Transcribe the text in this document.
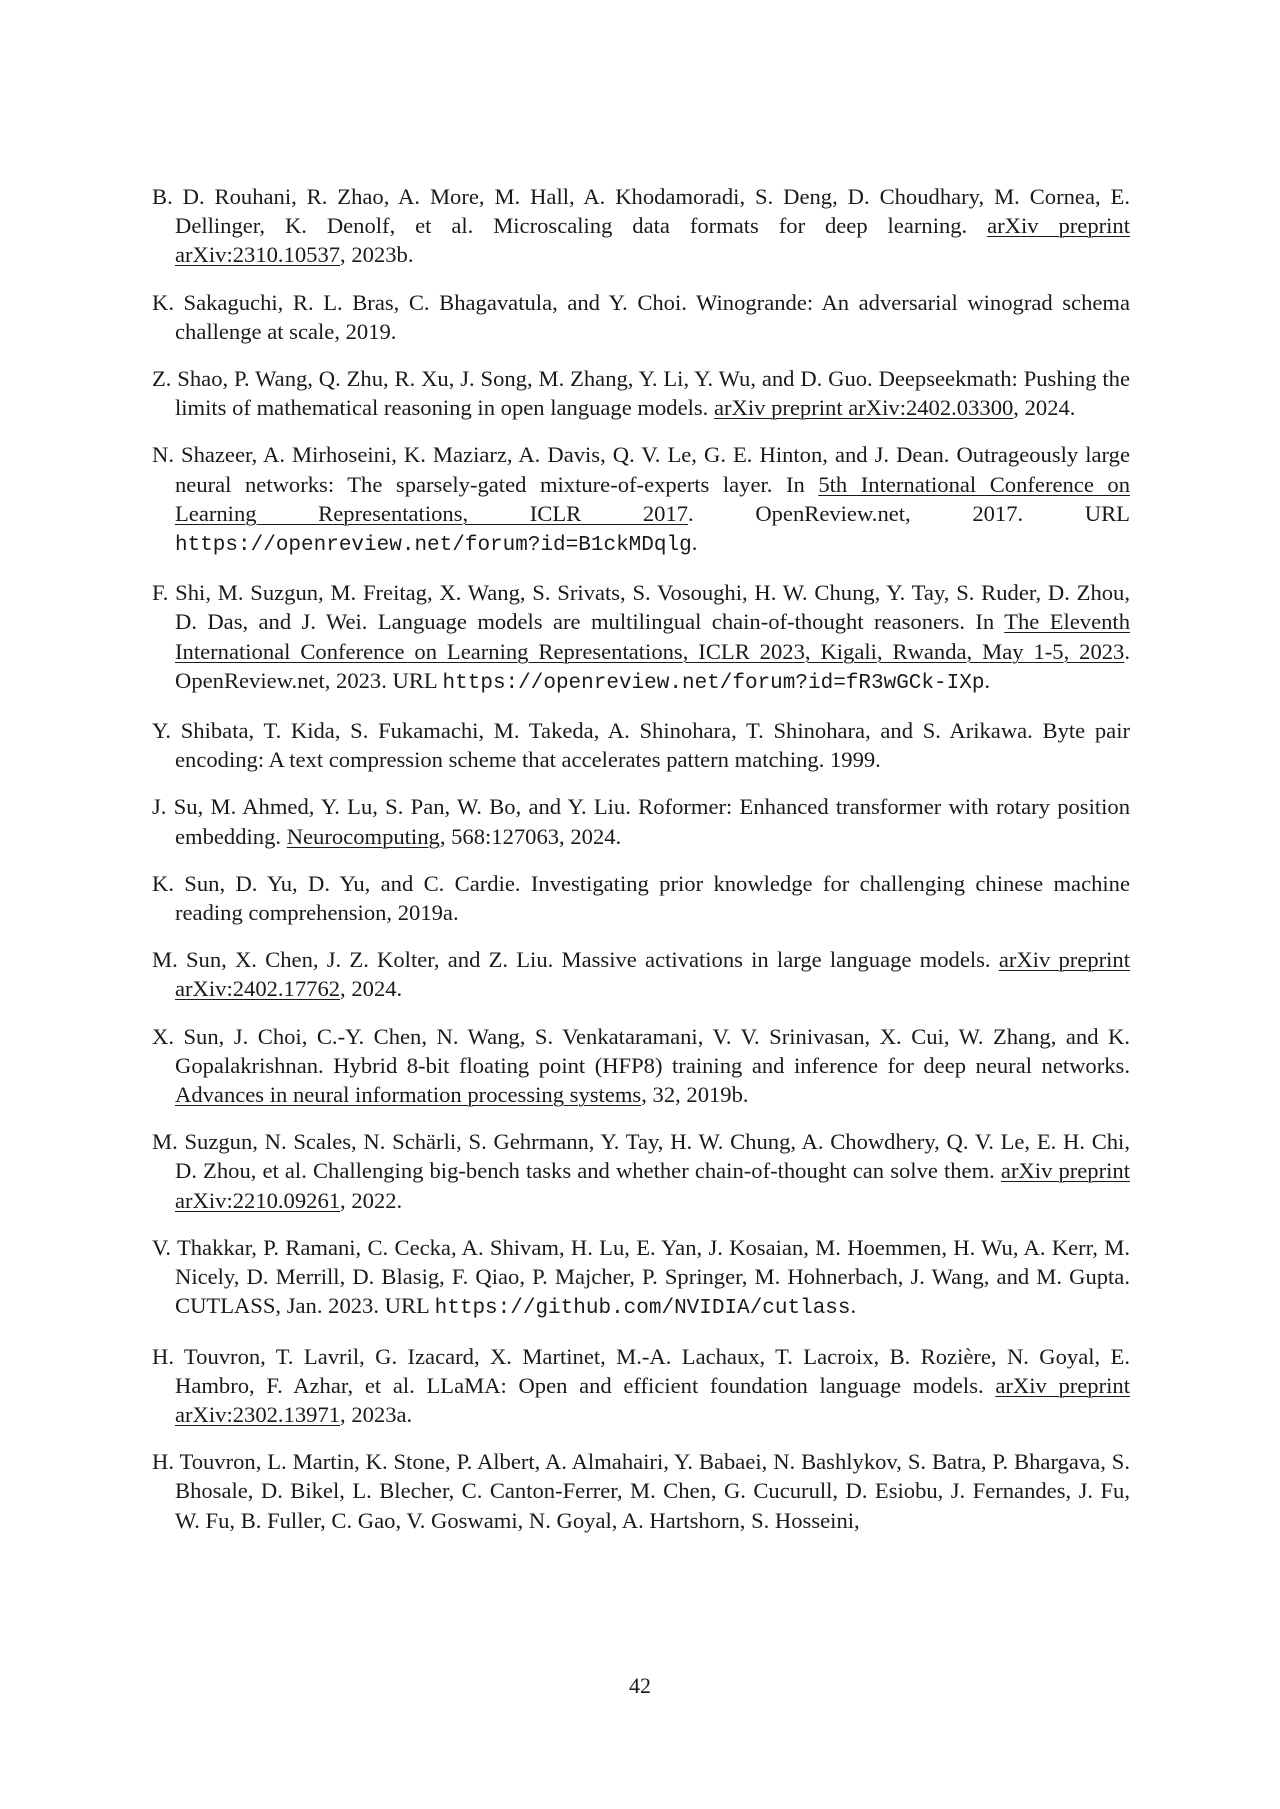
B. D. Rouhani, R. Zhao, A. More, M. Hall, A. Khodamoradi, S. Deng, D. Choudhary, M. Cornea, E. Dellinger, K. Denolf, et al. Microscaling data formats for deep learning. arXiv preprint arXiv:2310.10537, 2023b.
K. Sakaguchi, R. L. Bras, C. Bhagavatula, and Y. Choi. Winogrande: An adversarial winograd schema challenge at scale, 2019.
Z. Shao, P. Wang, Q. Zhu, R. Xu, J. Song, M. Zhang, Y. Li, Y. Wu, and D. Guo. Deepseekmath: Pushing the limits of mathematical reasoning in open language models. arXiv preprint arXiv:2402.03300, 2024.
N. Shazeer, A. Mirhoseini, K. Maziarz, A. Davis, Q. V. Le, G. E. Hinton, and J. Dean. Outrageously large neural networks: The sparsely-gated mixture-of-experts layer. In 5th International Conference on Learning Representations, ICLR 2017. OpenReview.net, 2017. URL https://openreview.net/forum?id=B1ckMDqlg.
F. Shi, M. Suzgun, M. Freitag, X. Wang, S. Srivats, S. Vosoughi, H. W. Chung, Y. Tay, S. Ruder, D. Zhou, D. Das, and J. Wei. Language models are multilingual chain-of-thought reasoners. In The Eleventh International Conference on Learning Representations, ICLR 2023, Kigali, Rwanda, May 1-5, 2023. OpenReview.net, 2023. URL https://openreview.net/forum?id=fR3wGCk-IXp.
Y. Shibata, T. Kida, S. Fukamachi, M. Takeda, A. Shinohara, T. Shinohara, and S. Arikawa. Byte pair encoding: A text compression scheme that accelerates pattern matching. 1999.
J. Su, M. Ahmed, Y. Lu, S. Pan, W. Bo, and Y. Liu. Roformer: Enhanced transformer with rotary position embedding. Neurocomputing, 568:127063, 2024.
K. Sun, D. Yu, D. Yu, and C. Cardie. Investigating prior knowledge for challenging chinese machine reading comprehension, 2019a.
M. Sun, X. Chen, J. Z. Kolter, and Z. Liu. Massive activations in large language models. arXiv preprint arXiv:2402.17762, 2024.
X. Sun, J. Choi, C.-Y. Chen, N. Wang, S. Venkataramani, V. V. Srinivasan, X. Cui, W. Zhang, and K. Gopalakrishnan. Hybrid 8-bit floating point (HFP8) training and inference for deep neural networks. Advances in neural information processing systems, 32, 2019b.
M. Suzgun, N. Scales, N. Schärli, S. Gehrmann, Y. Tay, H. W. Chung, A. Chowdhery, Q. V. Le, E. H. Chi, D. Zhou, et al. Challenging big-bench tasks and whether chain-of-thought can solve them. arXiv preprint arXiv:2210.09261, 2022.
V. Thakkar, P. Ramani, C. Cecka, A. Shivam, H. Lu, E. Yan, J. Kosaian, M. Hoemmen, H. Wu, A. Kerr, M. Nicely, D. Merrill, D. Blasig, F. Qiao, P. Majcher, P. Springer, M. Hohnerbach, J. Wang, and M. Gupta. CUTLASS, Jan. 2023. URL https://github.com/NVIDIA/cutlass.
H. Touvron, T. Lavril, G. Izacard, X. Martinet, M.-A. Lachaux, T. Lacroix, B. Rozière, N. Goyal, E. Hambro, F. Azhar, et al. LLaMA: Open and efficient foundation language models. arXiv preprint arXiv:2302.13971, 2023a.
H. Touvron, L. Martin, K. Stone, P. Albert, A. Almahairi, Y. Babaei, N. Bashlykov, S. Batra, P. Bhargava, S. Bhosale, D. Bikel, L. Blecher, C. Canton-Ferrer, M. Chen, G. Cucurull, D. Esiobu, J. Fernandes, J. Fu, W. Fu, B. Fuller, C. Gao, V. Goswami, N. Goyal, A. Hartshorn, S. Hosseini,
42
